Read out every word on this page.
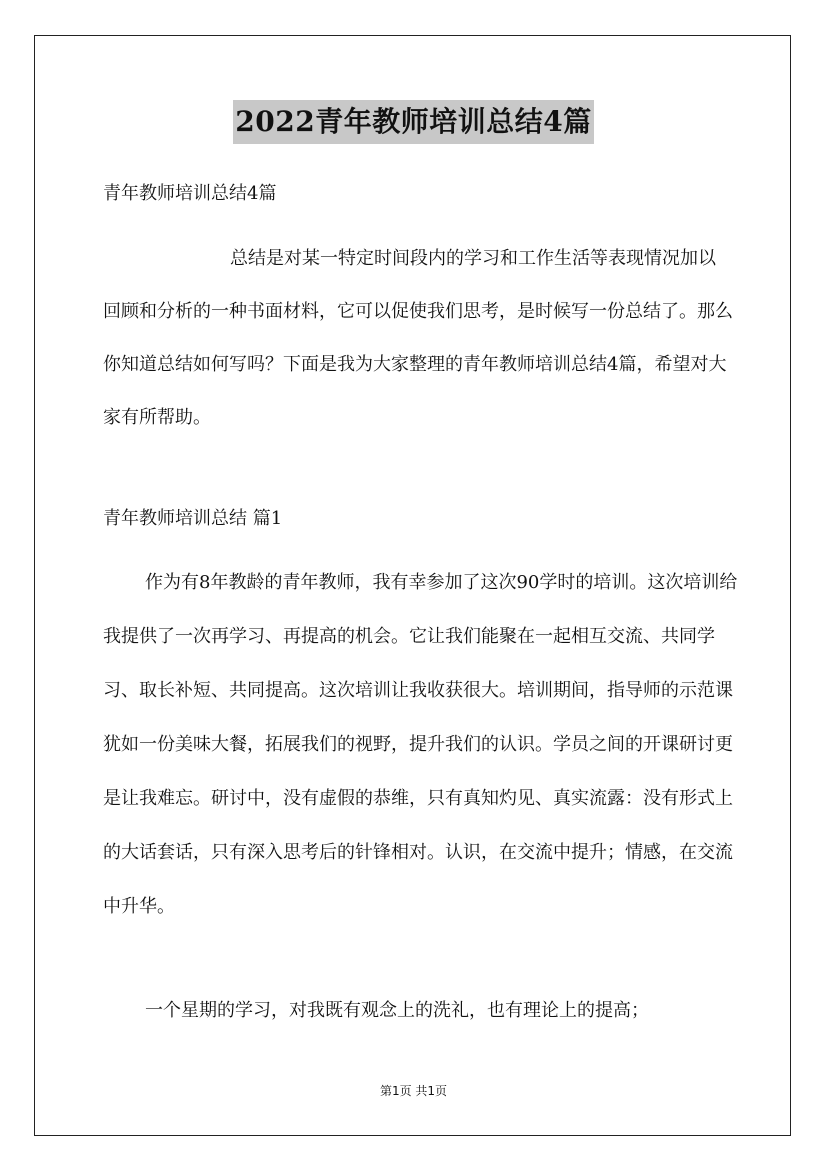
2022青年教师培训总结4篇
青年教师培训总结4篇

总结是对某一特定时间段内的学习和工作生活等表现情况加以回顾和分析的一种书面材料，它可以促使我们思考，是时候写一份总结了。那么你知道总结如何写吗？下面是我为大家整理的青年教师培训总结4篇，希望对大家有所帮助。

青年教师培训总结 篇1

作为有8年教龄的青年教师，我有幸参加了这次90学时的培训。这次培训给我提供了一次再学习、再提高的机会。它让我们能聚在一起相互交流、共同学习、取长补短、共同提高。这次培训让我收获很大。培训期间，指导师的示范课犹如一份美味大餐，拓展我们的视野，提升我们的认识。学员之间的开课研讨更是让我难忘。研讨中，没有虚假的恭维，只有真知灼见、真实流露：没有形式上的大话套话，只有深入思考后的针锋相对。认识，在交流中提升；情感，在交流中升华。

一个星期的学习，对我既有观念上的洗礼，也有理论上的提高；

第1页 共1页
